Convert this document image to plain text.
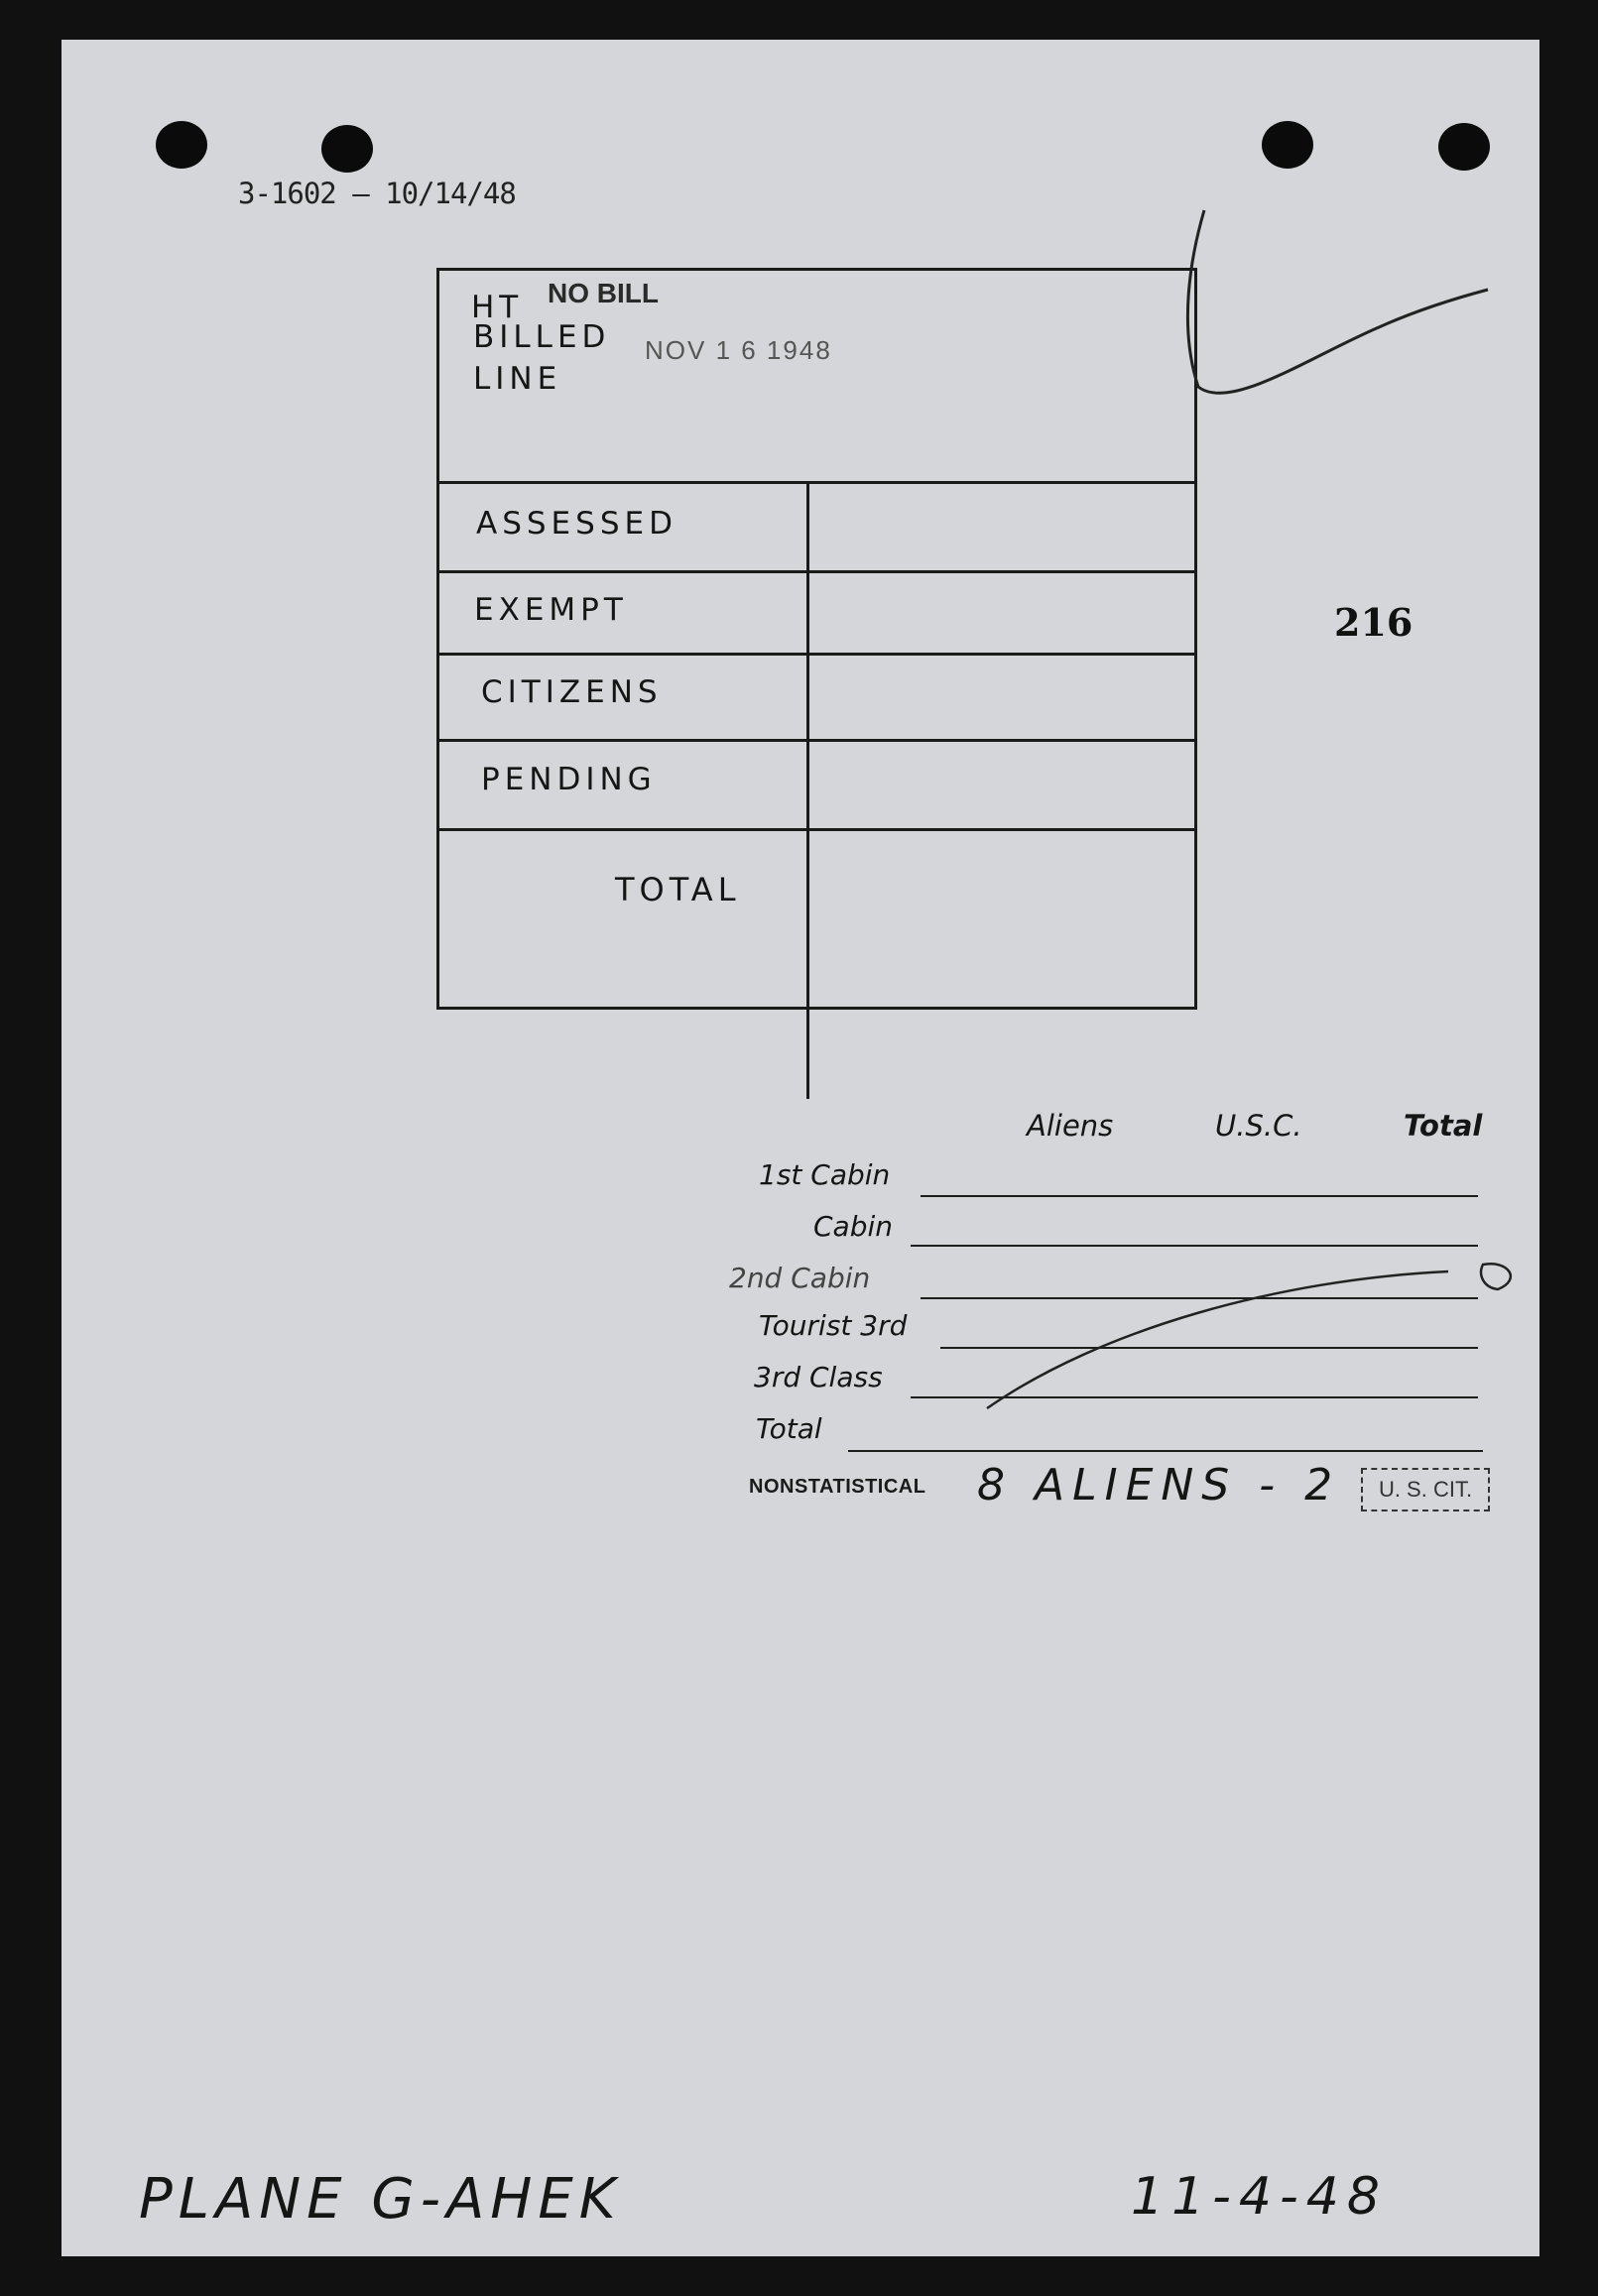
3-1602 — 10/14/48
HT
BILLED
LINE
NO BILL
NOV 1 6 1948
ASSESSED
EXEMPT
CITIZENS
PENDING
TOTAL
216
Aliens	U.S.C.	Total
1st Cabin
Cabin
2nd Cabin
Tourist 3rd
3rd Class
Total
NONSTATISTICAL 8 ALIENS - 2	U. S. CIT.
PLANE G-AHEK	11-4-48
